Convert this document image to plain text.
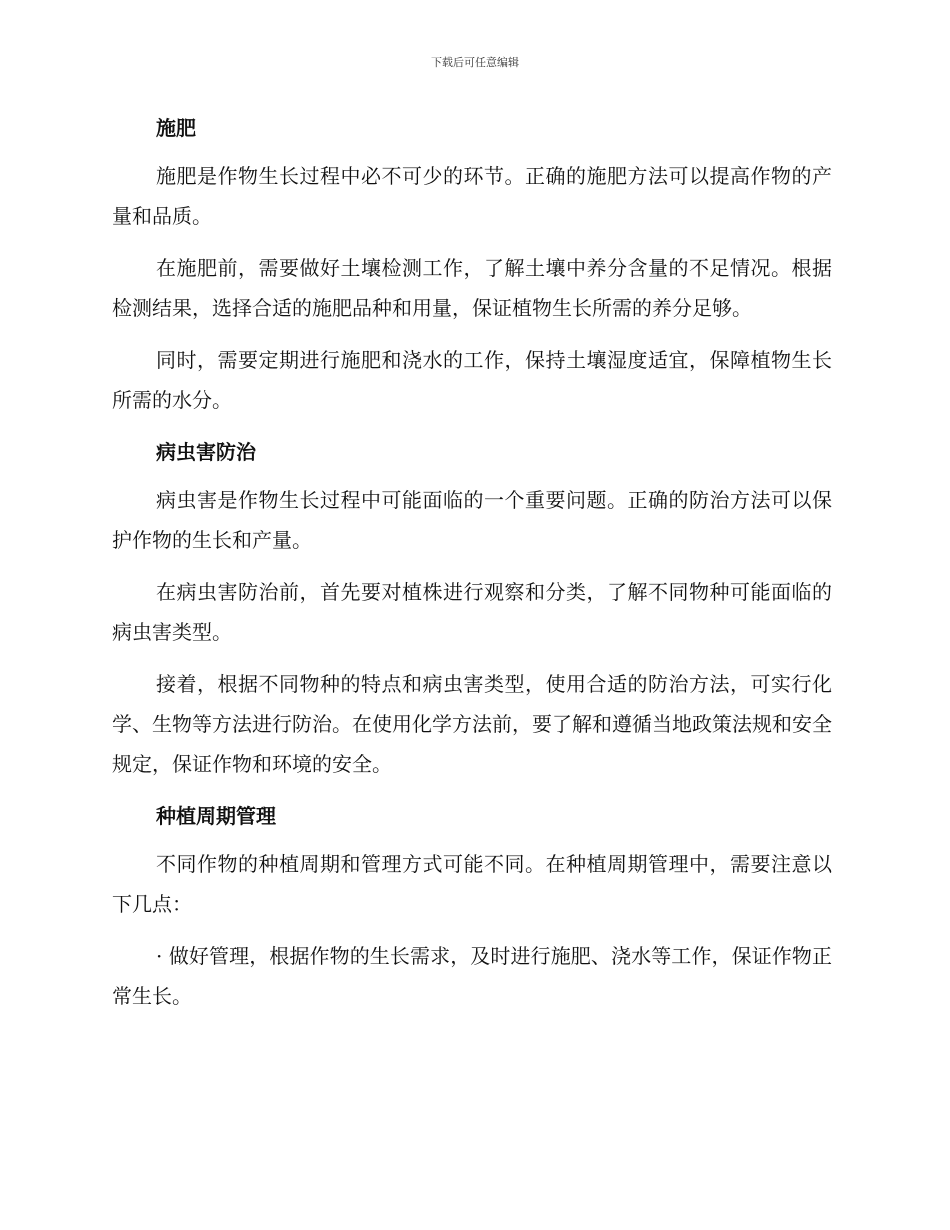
下载后可任意编辑
施肥

施肥是作物生长过程中必不可少的环节。正确的施肥方法可以提高作物的产量和品质。

在施肥前，需要做好土壤检测工作，了解土壤中养分含量的不足情况。根据检测结果，选择合适的施肥品种和用量，保证植物生长所需的养分足够。

同时，需要定期进行施肥和浇水的工作，保持土壤湿度适宜，保障植物生长所需的水分。

病虫害防治

病虫害是作物生长过程中可能面临的一个重要问题。正确的防治方法可以保护作物的生长和产量。

在病虫害防治前，首先要对植株进行观察和分类，了解不同物种可能面临的病虫害类型。

接着，根据不同物种的特点和病虫害类型，使用合适的防治方法，可实行化学、生物等方法进行防治。在使用化学方法前，要了解和遵循当地政策法规和安全规定，保证作物和环境的安全。

种植周期管理

不同作物的种植周期和管理方式可能不同。在种植周期管理中，需要注意以下几点：

· 做好管理，根据作物的生长需求，及时进行施肥、浇水等工作，保证作物正常生长。
